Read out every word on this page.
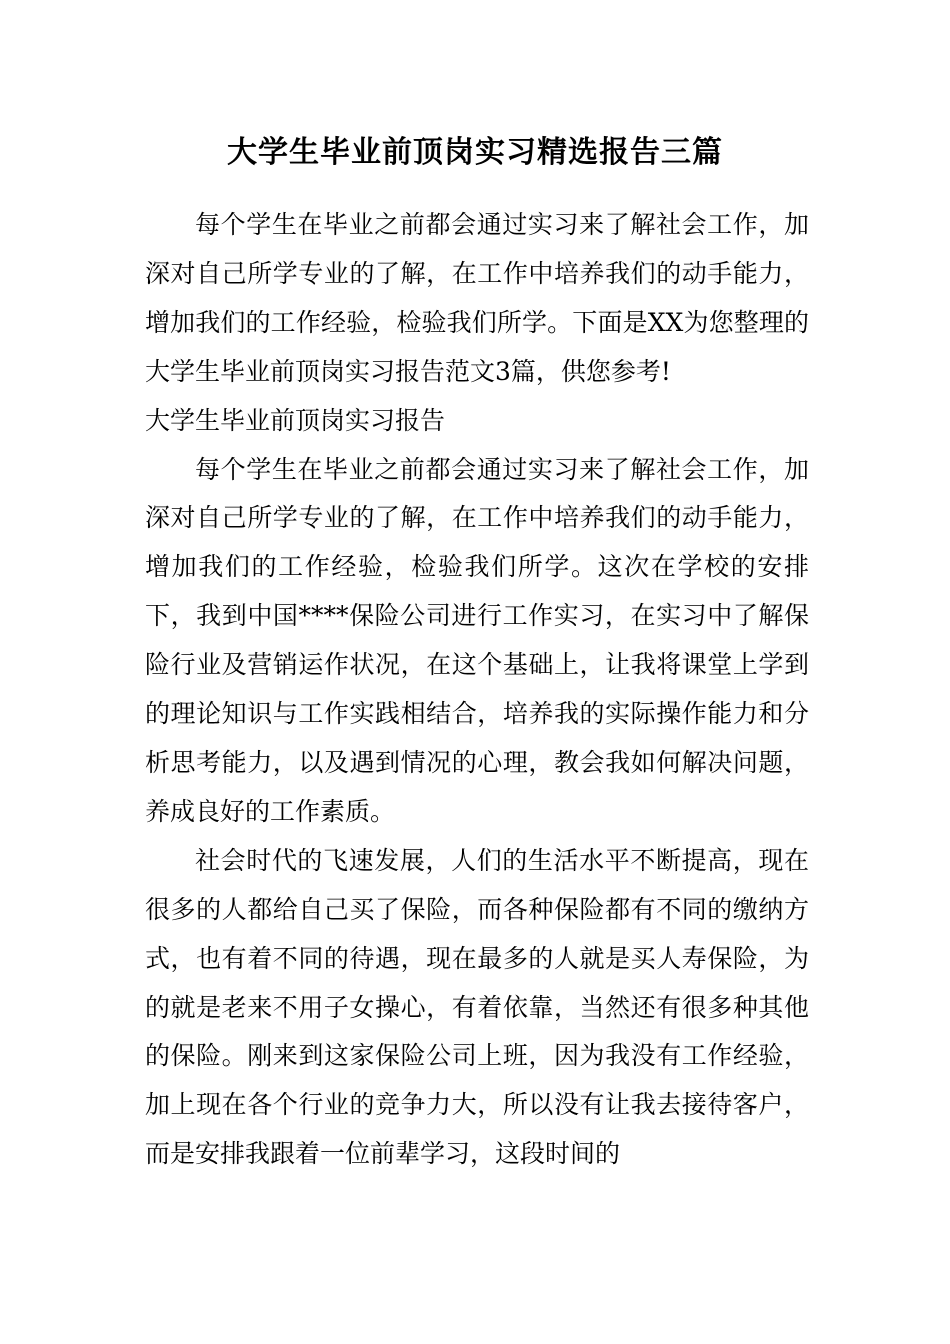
大学生毕业前顶岗实习精选报告三篇

每个学生在毕业之前都会通过实习来了解社会工作，加深对自己所学专业的了解，在工作中培养我们的动手能力，增加我们的工作经验，检验我们所学。下面是XX为您整理的大学生毕业前顶岗实习报告范文3篇，供您参考!

大学生毕业前顶岗实习报告

每个学生在毕业之前都会通过实习来了解社会工作，加深对自己所学专业的了解，在工作中培养我们的动手能力，增加我们的工作经验，检验我们所学。这次在学校的安排下，我到中国****保险公司进行工作实习，在实习中了解保险行业及营销运作状况，在这个基础上，让我将课堂上学到的理论知识与工作实践相结合，培养我的实际操作能力和分析思考能力，以及遇到情况的心理，教会我如何解决问题，养成良好的工作素质。

社会时代的飞速发展，人们的生活水平不断提高，现在很多的人都给自己买了保险，而各种保险都有不同的缴纳方式，也有着不同的待遇，现在最多的人就是买人寿保险，为的就是老来不用子女操心，有着依靠，当然还有很多种其他的保险。刚来到这家保险公司上班，因为我没有工作经验，加上现在各个行业的竞争力大，所以没有让我去接待客户，而是安排我跟着一位前辈学习，这段时间的
